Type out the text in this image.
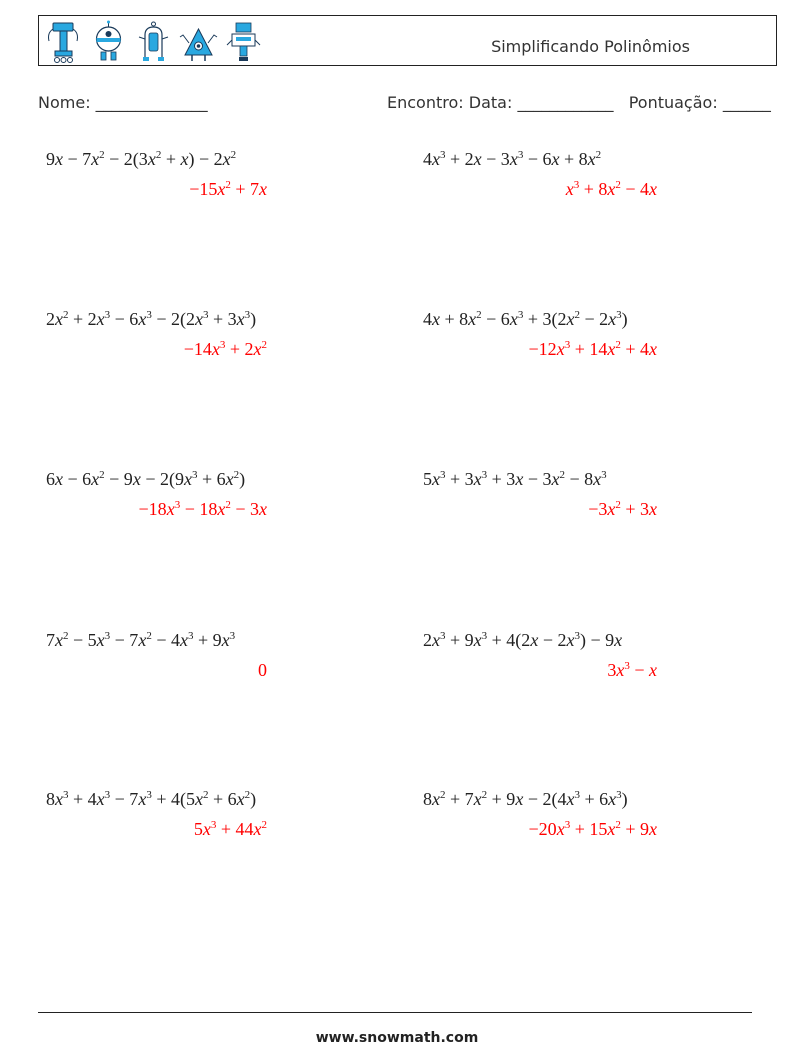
Simplificando Polinômios
Nome: ______________	Encontro: Data: ____________ Pontuação: ______
$9x - 7x^2 - 2(3x^2 + x) - 2x^2$
$-15x^2 + 7x$
$4x^3 + 2x - 3x^3 - 6x + 8x^2$
$x^3 + 8x^2 - 4x$
$2x^2 + 2x^3 - 6x^3 - 2(2x^3 + 3x^3)$
$-14x^3 + 2x^2$
$4x + 8x^2 - 6x^3 + 3(2x^2 - 2x^3)$
$-12x^3 + 14x^2 + 4x$
$6x - 6x^2 - 9x - 2(9x^3 + 6x^2)$
$-18x^3 - 18x^2 - 3x$
$5x^3 + 3x^3 + 3x - 3x^2 - 8x^3$
$-3x^2 + 3x$
$7x^2 - 5x^3 - 7x^2 - 4x^3 + 9x^3$
0
$2x^3 + 9x^3 + 4(2x - 2x^3) - 9x$
$3x^3 - x$
$8x^3 + 4x^3 - 7x^3 + 4(5x^2 + 6x^2)$
$5x^3 + 44x^2$
$8x^2 + 7x^2 + 9x - 2(4x^3 + 6x^3)$
$-20x^3 + 15x^2 + 9x$
www.snowmath.com
